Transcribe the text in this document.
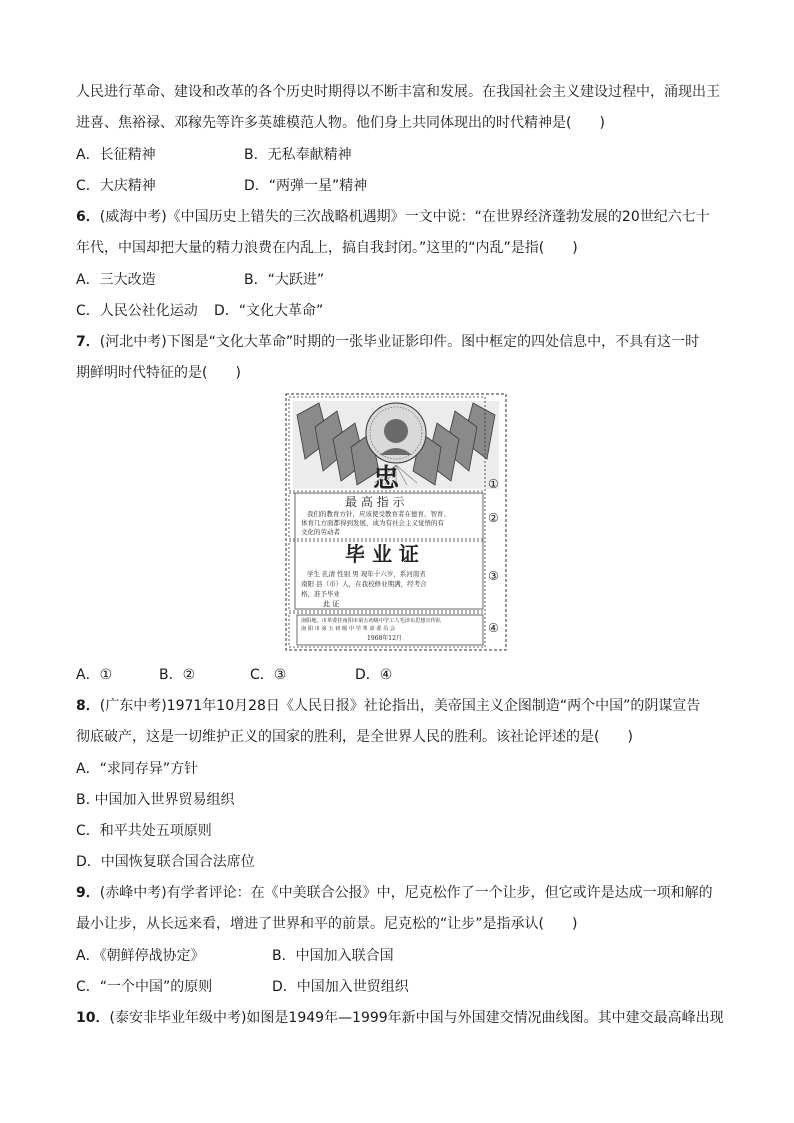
人民进行革命、建设和改革的各个历史时期得以不断丰富和发展。在我国社会主义建设过程中，涌现出王
进喜、焦裕禄、邓稼先等许多英雄模范人物。他们身上共同体现出的时代精神是(　　)
A．长征精神	B．无私奉献精神
C．大庆精神	D．“两弹一星”精神
6．(威海中考)《中国历史上错失的三次战略机遇期》一文中说：“在世界经济蓬勃发展的20世纪六七十
年代，中国却把大量的精力浪费在内乱上，搞自我封闭。”这里的“内乱”是指(　　)
A．三大改造	B．“大跃进”
C．人民公社化运动 D．“文化大革命”
7．(河北中考)下图是“文化大革命”时期的一张毕业证影印件。图中框定的四处信息中，不具有这一时
期鲜明时代特征的是(　　)
忠
最 高 指 示
我们的教育方针，应该使受教育者在德育、智育、
体育几方面都得到发展，成为有社会主义觉悟的有
文化的劳动者
毕 业 证
学生 孔清 性别 男 现年十六岁，系河南省
南阳 县（市）人，在我校修业期满，经考合
格，准予毕业
此 证
南阳地、市革委挂南阳市第五初级中学工人毛泽东思想宣传队
南 阳 市 第 五 初 级 中 学 革 命 委 员 会
1968年12月
①
②
③
④
A．①	B．②	C．③	D．④
8．(广东中考)1971年10月28日《人民日报》社论指出，美帝国主义企图制造“两个中国”的阴谋宣告
彻底破产，这是一切维护正义的国家的胜利，是全世界人民的胜利。该社论评述的是(　　)
A．“求同存异”方针
B. 中国加入世界贸易组织
C．和平共处五项原则
D．中国恢复联合国合法席位
9．(赤峰中考)有学者评论：在《中美联合公报》中，尼克松作了一个让步，但它或许是达成一项和解的
最小让步，从长远来看，增进了世界和平的前景。尼克松的“让步”是指承认(　　)
A．《朝鲜停战协定》	B．中国加入联合国
C．“一个中国”的原则	D．中国加入世贸组织
10．(泰安非毕业年级中考)如图是1949年—1999年新中国与外国建交情况曲线图。其中建交最高峰出现
